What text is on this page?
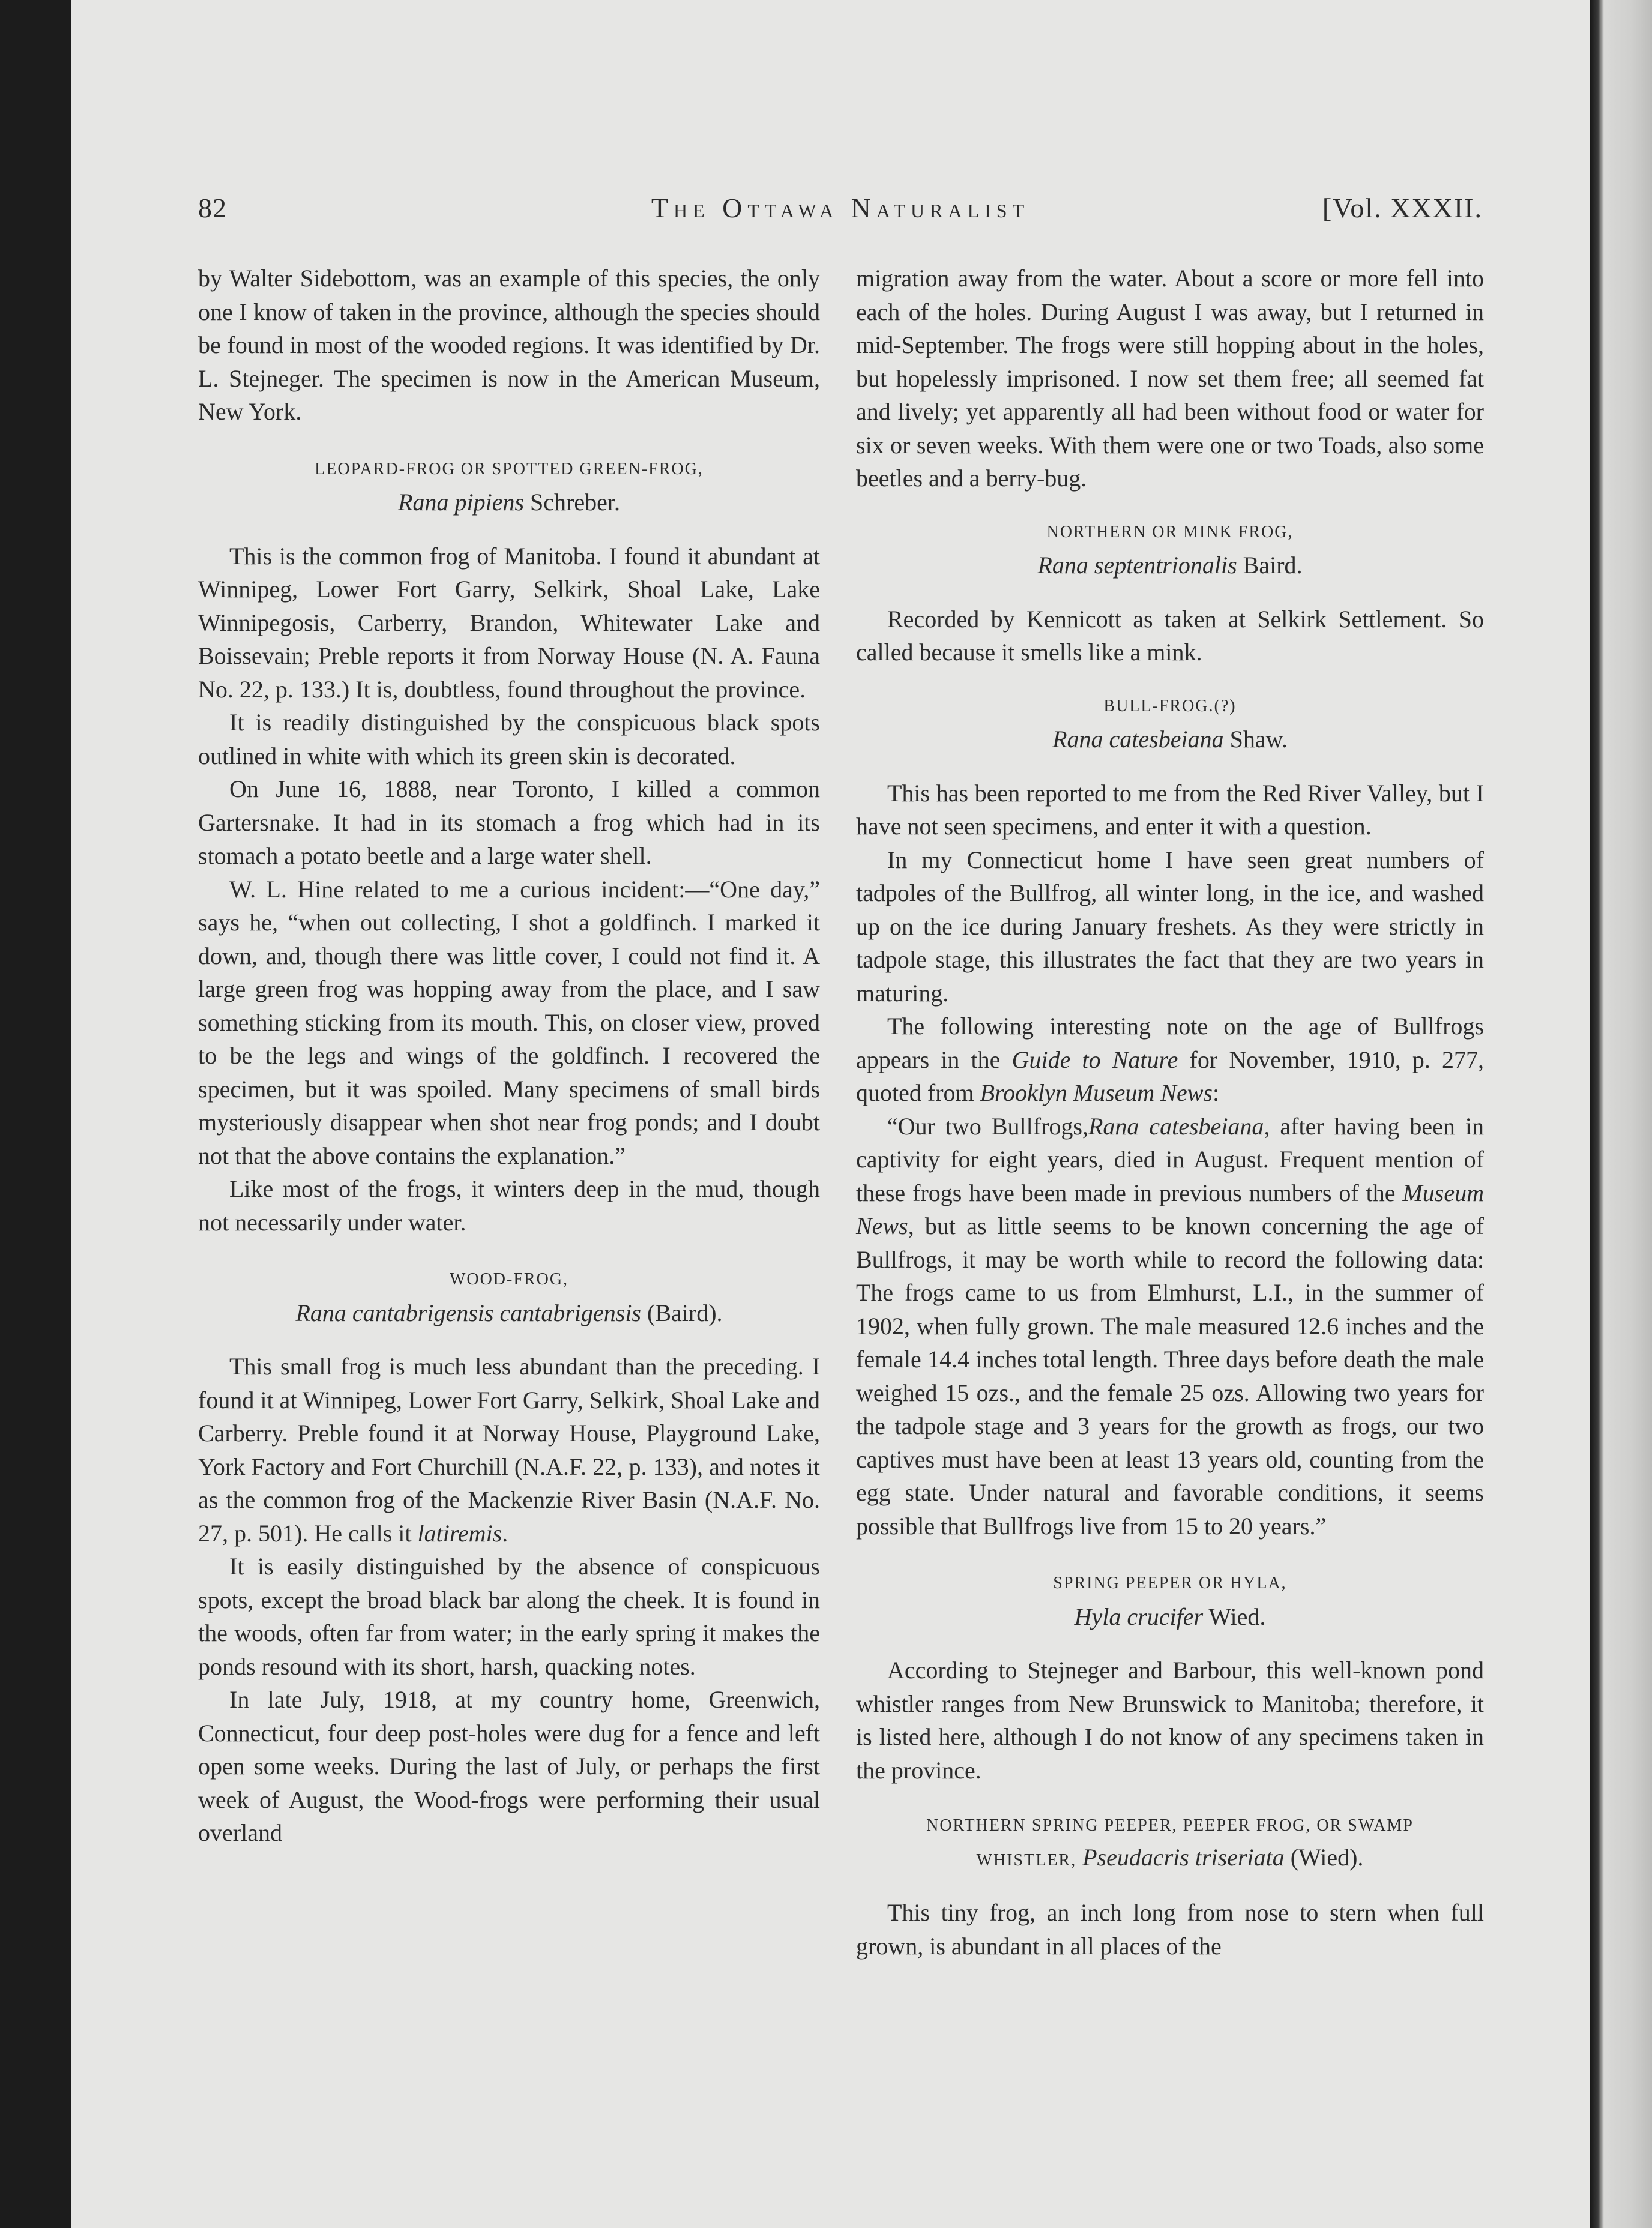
82	The Ottawa Naturalist	[Vol. XXXII.

by Walter Sidebottom, was an example of this species, the only one I know of taken in the province, although the species should be found in most of the wooded regions. It was identified by Dr. L. Stejneger. The specimen is now in the American Museum, New York.

LEOPARD-FROG OR SPOTTED GREEN-FROG,
Rana pipiens Schreber.

This is the common frog of Manitoba. I found it abundant at Winnipeg, Lower Fort Garry, Selkirk, Shoal Lake, Lake Winnipegosis, Carberry, Brandon, Whitewater Lake and Boissevain; Preble reports it from Norway House (N. A. Fauna No. 22, p. 133.) It is, doubtless, found throughout the province.

It is readily distinguished by the conspicuous black spots outlined in white with which its green skin is decorated.

On June 16, 1888, near Toronto, I killed a common Gartersnake. It had in its stomach a frog which had in its stomach a potato beetle and a large water shell.

W. L. Hine related to me a curious incident:—“One day,” says he, “when out collecting, I shot a goldfinch. I marked it down, and, though there was little cover, I could not find it. A large green frog was hopping away from the place, and I saw something sticking from its mouth. This, on closer view, proved to be the legs and wings of the goldfinch. I recovered the specimen, but it was spoiled. Many specimens of small birds mysteriously disappear when shot near frog ponds; and I doubt not that the above contains the explanation.”

Like most of the frogs, it winters deep in the mud, though not necessarily under water.

WOOD-FROG,
Rana cantabrigensis cantabrigensis (Baird).

This small frog is much less abundant than the preceding. I found it at Winnipeg, Lower Fort Garry, Selkirk, Shoal Lake and Carberry. Preble found it at Norway House, Playground Lake, York Factory and Fort Churchill (N.A.F. 22, p. 133), and notes it as the common frog of the Mackenzie River Basin (N.A.F. No. 27, p. 501). He calls it latiremis.

It is easily distinguished by the absence of conspicuous spots, except the broad black bar along the cheek. It is found in the woods, often far from water; in the early spring it makes the ponds resound with its short, harsh, quacking notes.

In late July, 1918, at my country home, Greenwich, Connecticut, four deep post-holes were dug for a fence and left open some weeks. During the last of July, or perhaps the first week of August, the Wood-frogs were performing their usual overland

migration away from the water. About a score or more fell into each of the holes. During August I was away, but I returned in mid-September. The frogs were still hopping about in the holes, but hopelessly imprisoned. I now set them free; all seemed fat and lively; yet apparently all had been without food or water for six or seven weeks. With them were one or two Toads, also some beetles and a berry-bug.

NORTHERN OR MINK FROG,
Rana septentrionalis Baird.

Recorded by Kennicott as taken at Selkirk Settlement. So called because it smells like a mink.

BULL-FROG.(?)
Rana catesbeiana Shaw.

This has been reported to me from the Red River Valley, but I have not seen specimens, and enter it with a question.

In my Connecticut home I have seen great numbers of tadpoles of the Bullfrog, all winter long, in the ice, and washed up on the ice during January freshets. As they were strictly in tadpole stage, this illustrates the fact that they are two years in maturing.

The following interesting note on the age of Bullfrogs appears in the Guide to Nature for November, 1910, p. 277, quoted from Brooklyn Museum News:

“Our two Bullfrogs,Rana catesbeiana, after having been in captivity for eight years, died in August. Frequent mention of these frogs have been made in previous numbers of the Museum News, but as little seems to be known concerning the age of Bullfrogs, it may be worth while to record the following data: The frogs came to us from Elmhurst, L.I., in the summer of 1902, when fully grown. The male measured 12.6 inches and the female 14.4 inches total length. Three days before death the male weighed 15 ozs., and the female 25 ozs. Allowing two years for the tadpole stage and 3 years for the growth as frogs, our two captives must have been at least 13 years old, counting from the egg state. Under natural and favorable conditions, it seems possible that Bullfrogs live from 15 to 20 years.”

SPRING PEEPER OR HYLA,
Hyla crucifer Wied.

According to Stejneger and Barbour, this well-known pond whistler ranges from New Brunswick to Manitoba; therefore, it is listed here, although I do not know of any specimens taken in the province.

NORTHERN SPRING PEEPER, PEEPER FROG, OR SWAMP
WHISTLER, Pseudacris triseriata (Wied).

This tiny frog, an inch long from nose to stern when full grown, is abundant in all places of the
